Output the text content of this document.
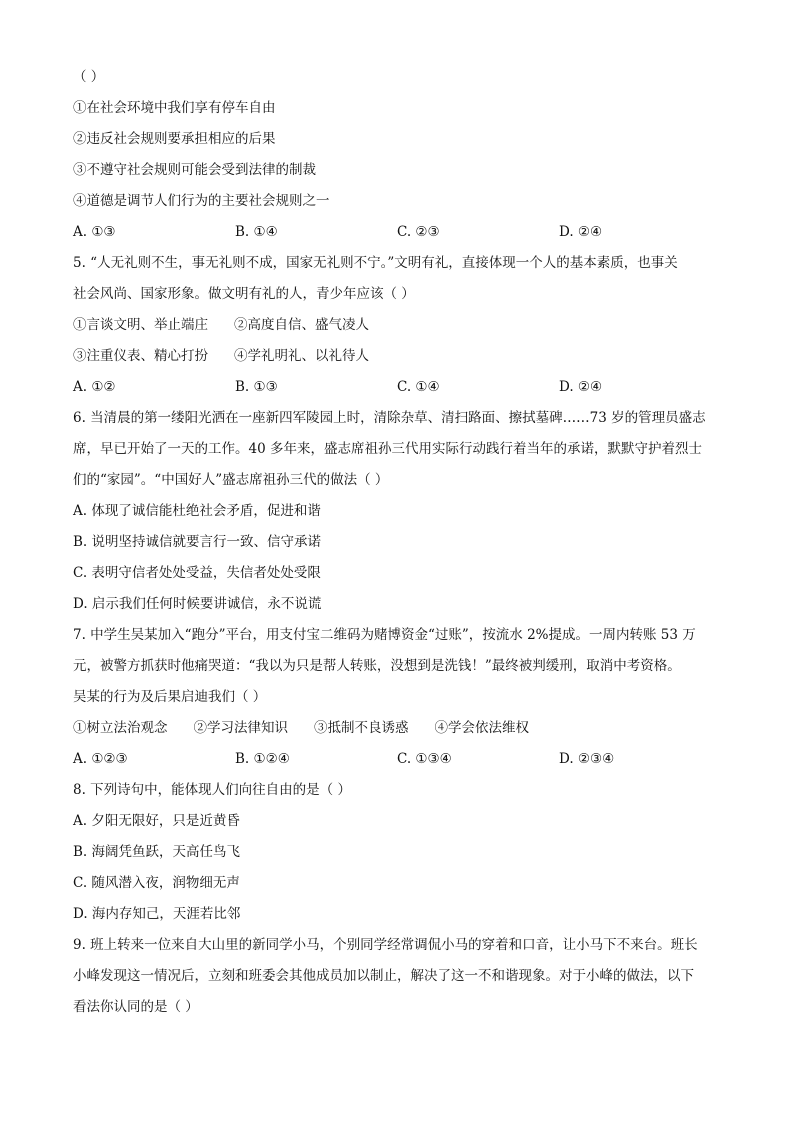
（ ）
①在社会环境中我们享有停车自由
②违反社会规则要承担相应的后果
③不遵守社会规则可能会受到法律的制裁
④道德是调节人们行为的主要社会规则之一
A. ①③	B. ①④	C. ②③	D. ②④
5. “人无礼则不生，事无礼则不成，国家无礼则不宁。”文明有礼，直接体现一个人的基本素质，也事关
社会风尚、国家形象。做文明有礼的人，青少年应该（ ）
①言谈文明、举止端庄 ②高度自信、盛气凌人
③注重仪表、精心打扮 ④学礼明礼、以礼待人
A. ①②	B. ①③	C. ①④	D. ②④
6. 当清晨的第一缕阳光洒在一座新四军陵园上时，清除杂草、清扫路面、擦拭墓碑……73 岁的管理员盛志
席，早已开始了一天的工作。40 多年来，盛志席祖孙三代用实际行动践行着当年的承诺，默默守护着烈士
们的“家园”。“中国好人”盛志席祖孙三代的做法（ ）
A. 体现了诚信能杜绝社会矛盾，促进和谐
B. 说明坚持诚信就要言行一致、信守承诺
C. 表明守信者处处受益，失信者处处受限
D. 启示我们任何时候要讲诚信，永不说谎
7. 中学生吴某加入“跑分”平台，用支付宝二维码为赌博资金“过账”，按流水 2%提成。一周内转账 53 万
元，被警方抓获时他痛哭道：“我以为只是帮人转账，没想到是洗钱！”最终被判缓刑，取消中考资格。
吴某的行为及后果启迪我们（ ）
①树立法治观念 ②学习法律知识 ③抵制不良诱惑 ④学会依法维权
A. ①②③	B. ①②④	C. ①③④	D. ②③④
8. 下列诗句中，能体现人们向往自由的是（ ）
A. 夕阳无限好，只是近黄昏
B. 海阔凭鱼跃，天高任鸟飞
C. 随风潜入夜，润物细无声
D. 海内存知己，天涯若比邻
9. 班上转来一位来自大山里的新同学小马，个别同学经常调侃小马的穿着和口音，让小马下不来台。班长
小峰发现这一情况后，立刻和班委会其他成员加以制止，解决了这一不和谐现象。对于小峰的做法，以下
看法你认同的是（ ）
